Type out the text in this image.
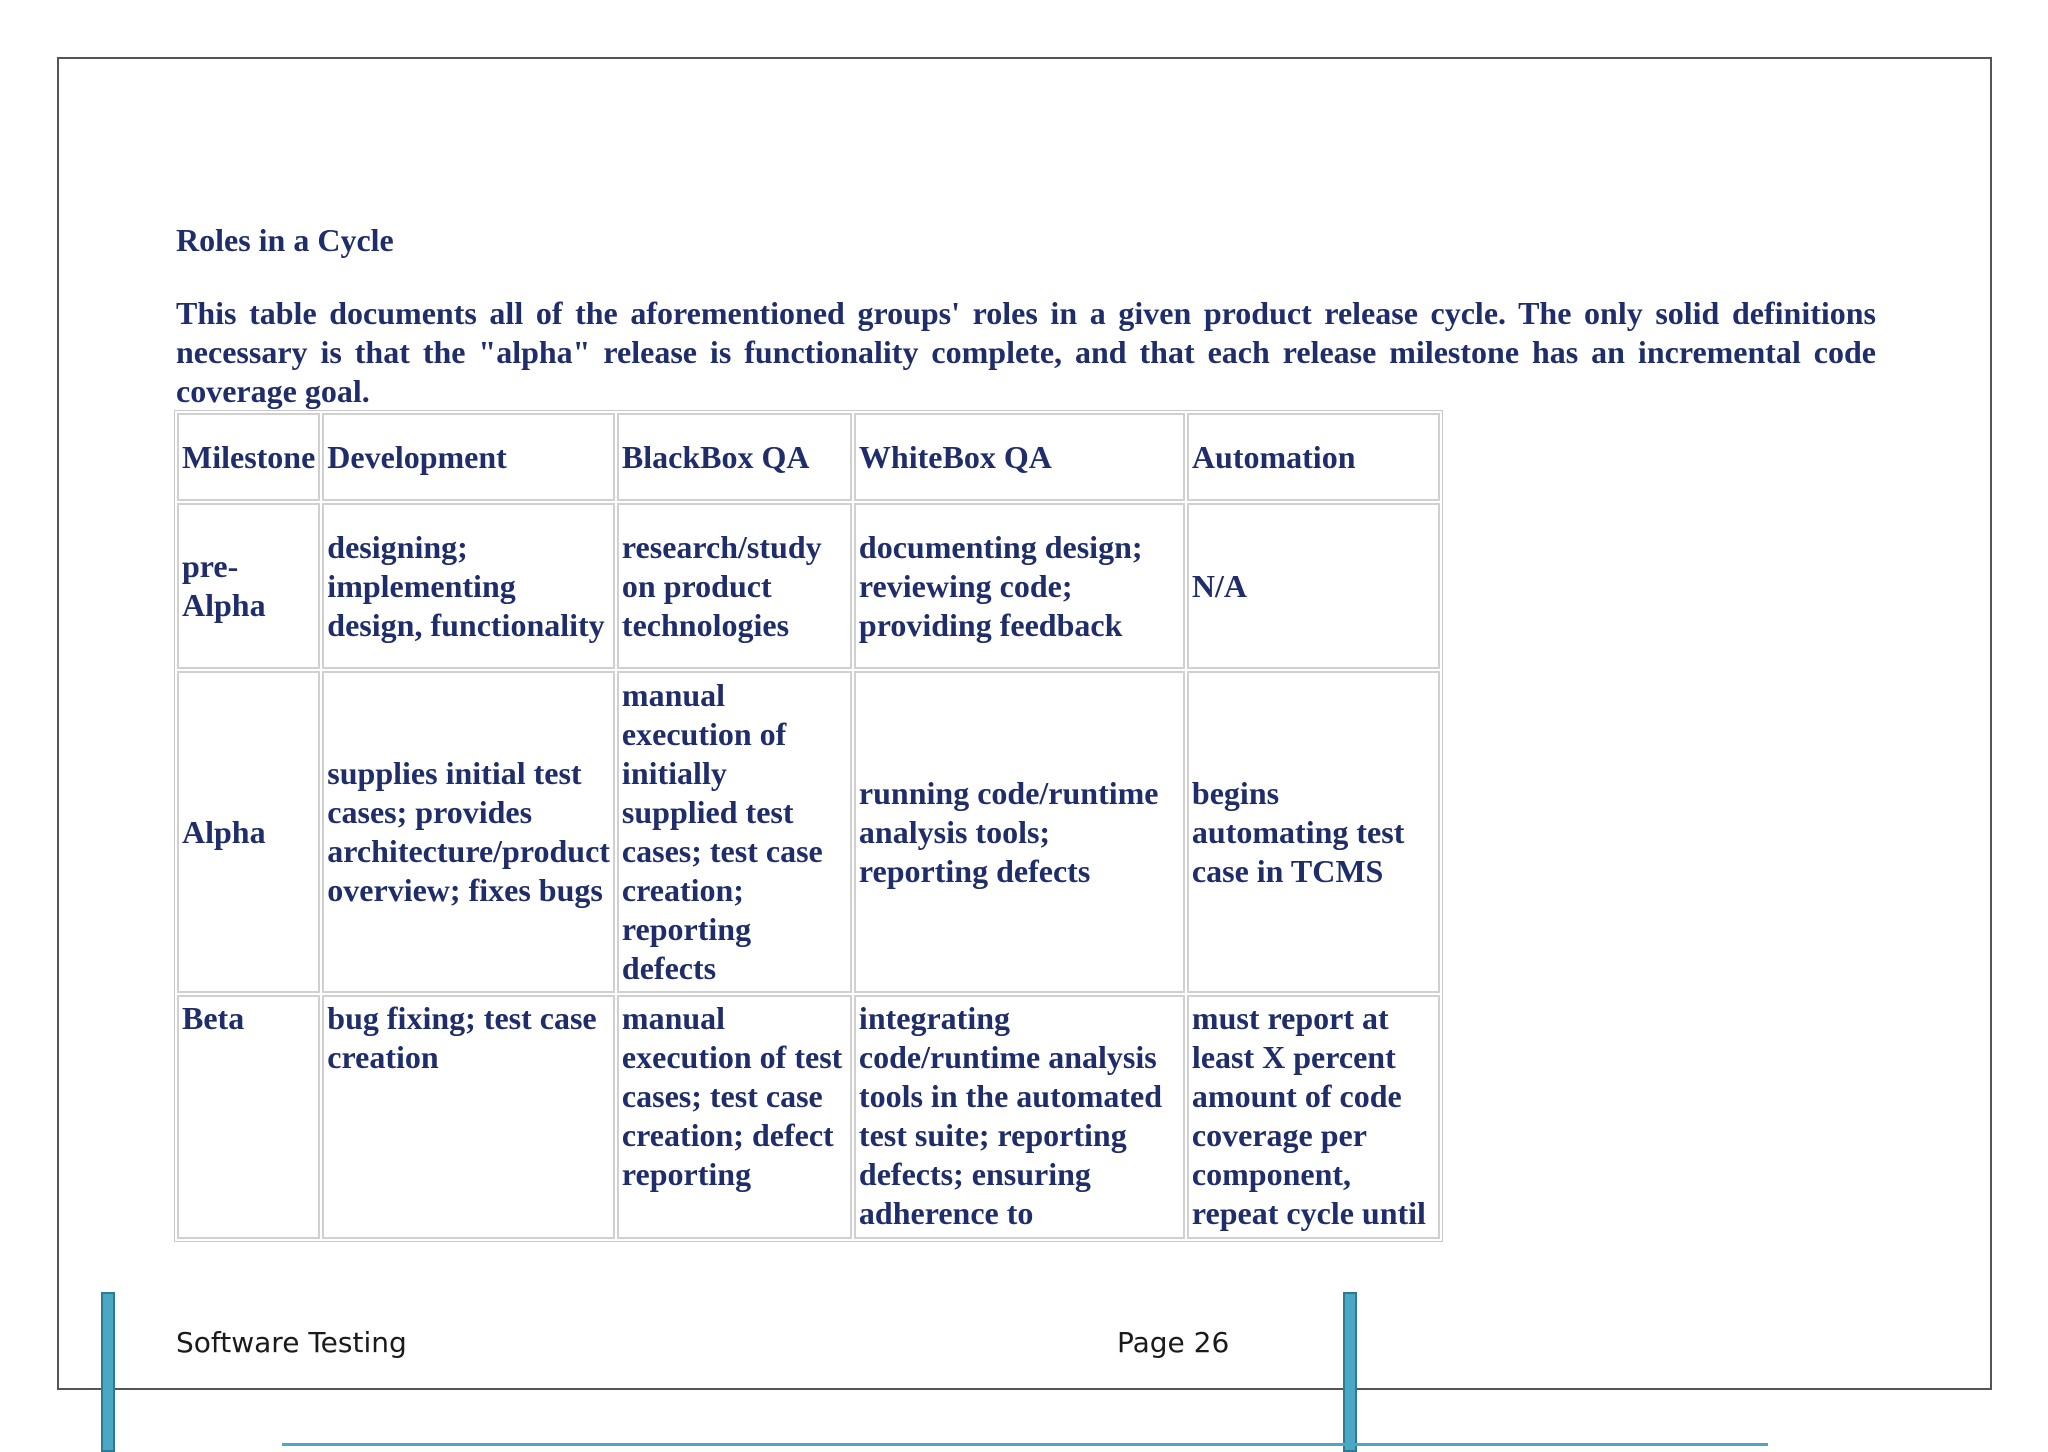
Roles in a Cycle

This table documents all of the aforementioned groups' roles in a given product release cycle. The only solid definitions necessary is that the "alpha" release is functionality complete, and that each release milestone has an incremental code coverage goal.

Milestone	Development	BlackBox QA	WhiteBox QA	Automation
pre-Alpha	designing; implementing design, functionality	research/study on product technologies	documenting design; reviewing code; providing feedback	N/A
Alpha	supplies initial test cases; provides architecture/product overview; fixes bugs	manual execution of initially supplied test cases; test case creation; reporting defects	running code/runtime analysis tools; reporting defects	begins automating test case in TCMS
Beta	bug fixing; test case creation	manual execution of test cases; test case creation; defect reporting	integrating code/runtime analysis tools in the automated test suite; reporting defects; ensuring adherence to	must report at least X percent amount of code coverage per component, repeat cycle until

Software Testing	Page 26
